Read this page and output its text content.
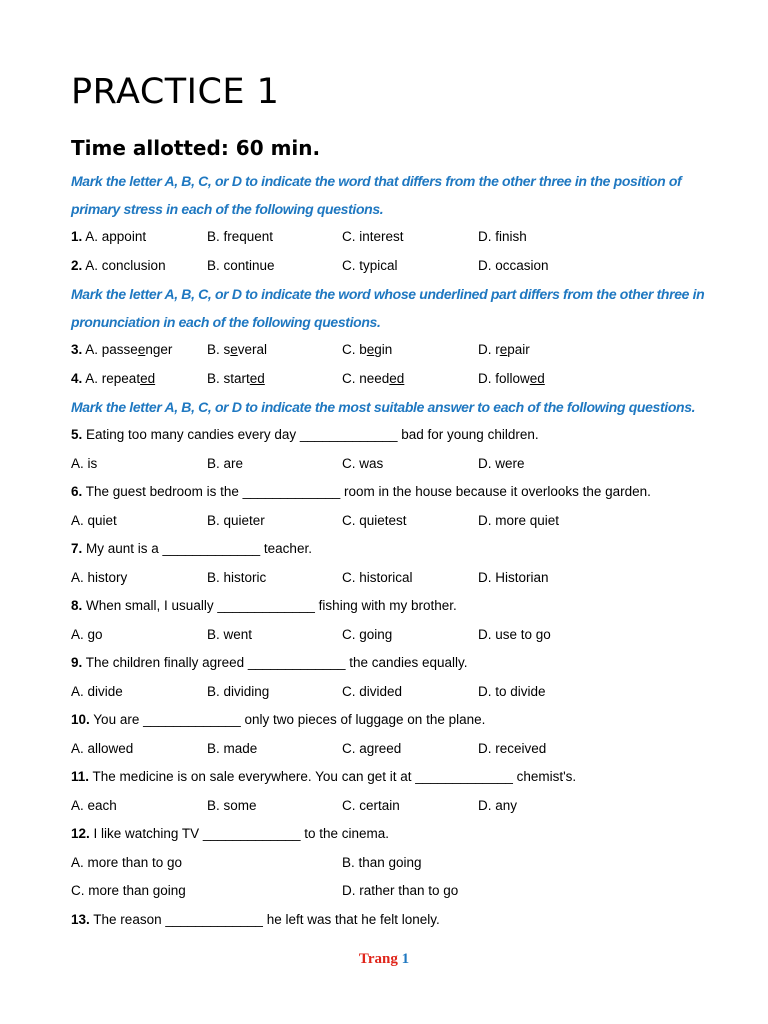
PRACTICE 1
Time allotted: 60 min.
Mark the letter A, B, C, or D to indicate the word that differs from the other three in the position of primary stress in each of the following questions.
1. A. appoint	B. frequent	C. interest	D. finish
2. A. conclusion	B. continue	C. typical	D. occasion
Mark the letter A, B, C, or D to indicate the word whose underlined part differs from the other three in pronunciation in each of the following questions.
3. A. passeenger	B. several	C. begin	D. repair
4. A. repeated	B. started	C. needed	D. followed
Mark the letter A, B, C, or D to indicate the most suitable answer to each of the following questions.
5. Eating too many candies every day _____________ bad for young children.
A. is	B. are	C. was	D. were
6. The guest bedroom is the _____________ room in the house because it overlooks the garden.
A. quiet	B. quieter	C. quietest	D. more quiet
7. My aunt is a _____________ teacher.
A. history	B. historic	C. historical	D. Historian
8. When small, I usually _____________ fishing with my brother.
A. go	B. went	C. going	D. use to go
9. The children finally agreed _____________ the candies equally.
A. divide	B. dividing	C. divided	D. to divide
10. You are _____________ only two pieces of luggage on the plane.
A. allowed	B. made	C. agreed	D. received
11. The medicine is on sale everywhere. You can get it at _____________ chemist's.
A. each	B. some	C. certain	D. any
12. I like watching TV _____________ to the cinema.
A. more than to go	B. than going
C. more than going	D. rather than to go
13. The reason _____________ he left was that he felt lonely.
Trang 1
